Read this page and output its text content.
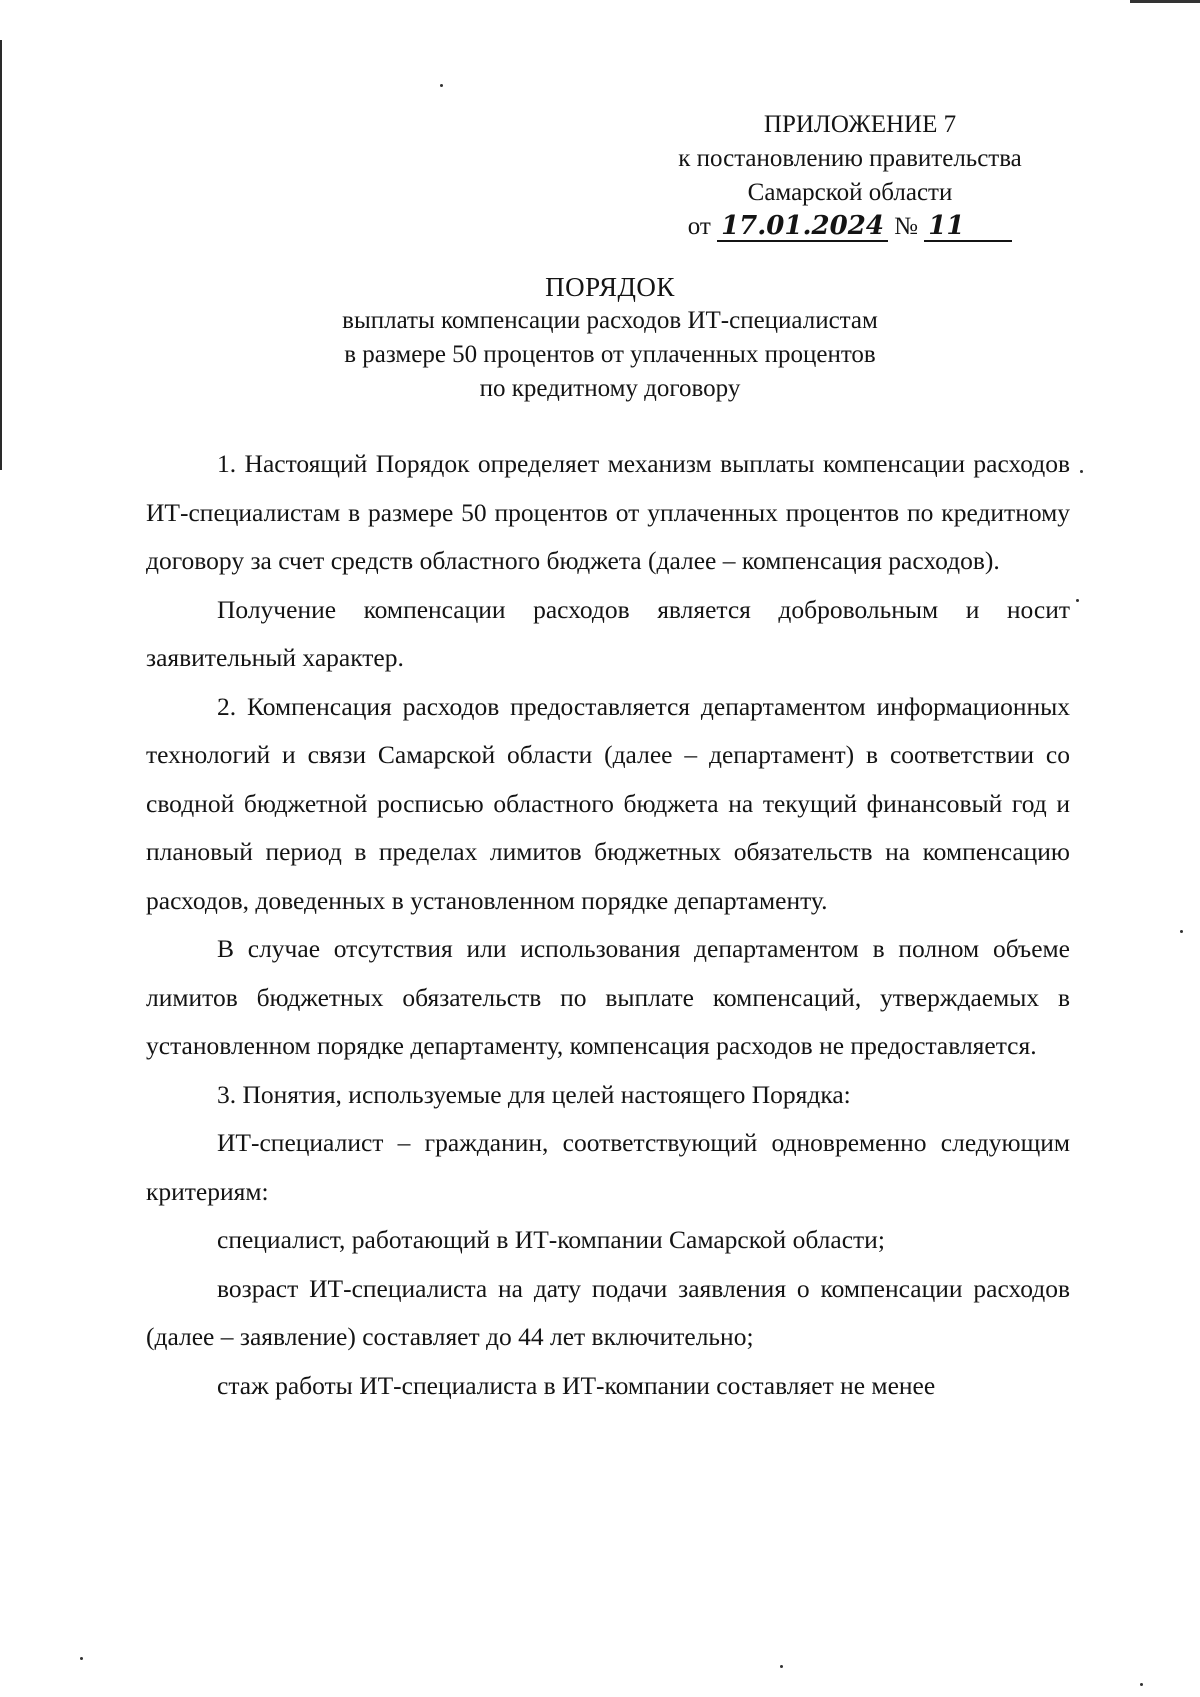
ПРИЛОЖЕНИЕ 7
к постановлению правительства
Самарской области
от 17.01.2024 № 11
ПОРЯДОК
выплаты компенсации расходов ИТ-специалистам
в размере 50 процентов от уплаченных процентов
по кредитному договору

1. Настоящий Порядок определяет механизм выплаты компенсации расходов ИТ-специалистам в размере 50 процентов от уплаченных процентов по кредитному договору за счет средств областного бюджета (далее – компенсация расходов).

Получение компенсации расходов является добровольным и носит заявительный характер.

2. Компенсация расходов предоставляется департаментом информационных технологий и связи Самарской области (далее – департамент) в соответствии со сводной бюджетной росписью областного бюджета на текущий финансовый год и плановый период в пределах лимитов бюджетных обязательств на компенсацию расходов, доведенных в установленном порядке департаменту.

В случае отсутствия или использования департаментом в полном объеме лимитов бюджетных обязательств по выплате компенсаций, утверждаемых в установленном порядке департаменту, компенсация расходов не предоставляется.

3. Понятия, используемые для целей настоящего Порядка:

ИТ-специалист – гражданин, соответствующий одновременно следующим критериям:

специалист, работающий в ИТ-компании Самарской области;

возраст ИТ-специалиста на дату подачи заявления о компенсации расходов (далее – заявление) составляет до 44 лет включительно;

стаж работы ИТ-специалиста в ИТ-компании составляет не менее
